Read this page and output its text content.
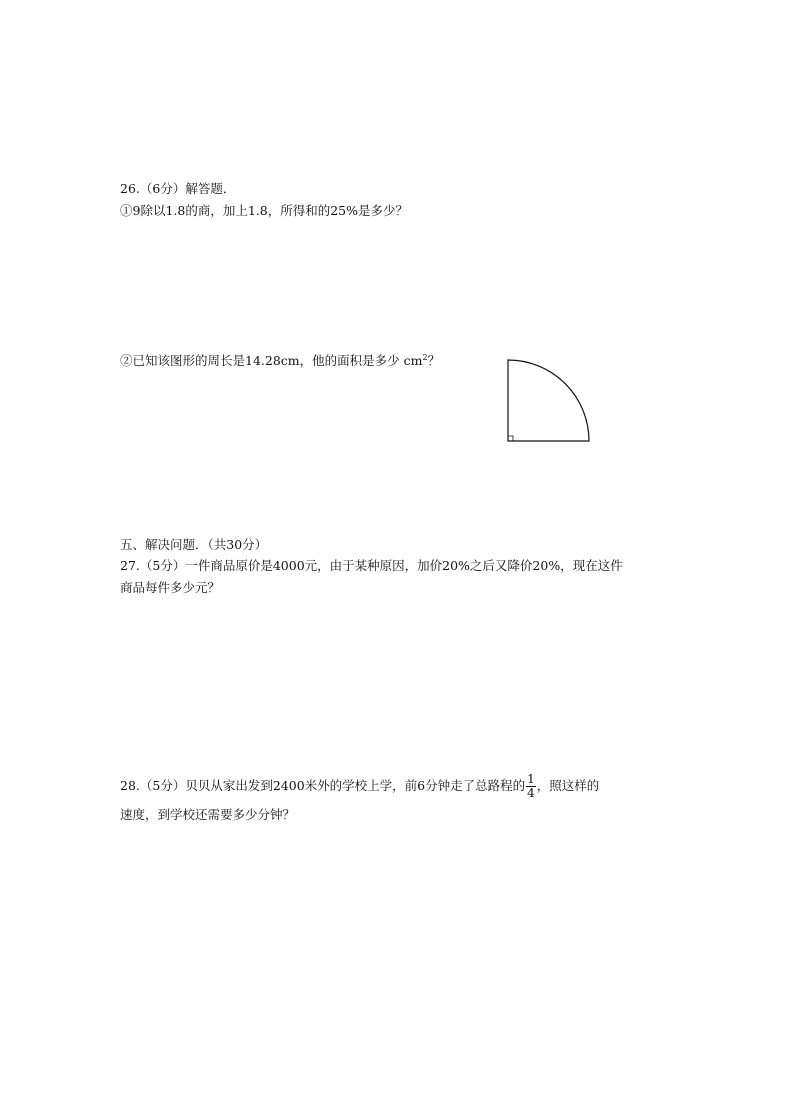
26.（6分）解答题．
①9除以1.8的商，加上1.8，所得和的25%是多少？
②已知该图形的周长是14.28cm，他的面积是多少 $cm^2$？
五、解决问题．（共30分）
27.（5分）一件商品原价是4000元，由于某种原因，加价20%之后又降价20%，现在这件
商品每件多少元？
28.（5分）贝贝从家出发到2400米外的学校上学，前6分钟走了总路程的 $\frac{1}{4}$ ，照这样的
速度，到学校还需要多少分钟？
